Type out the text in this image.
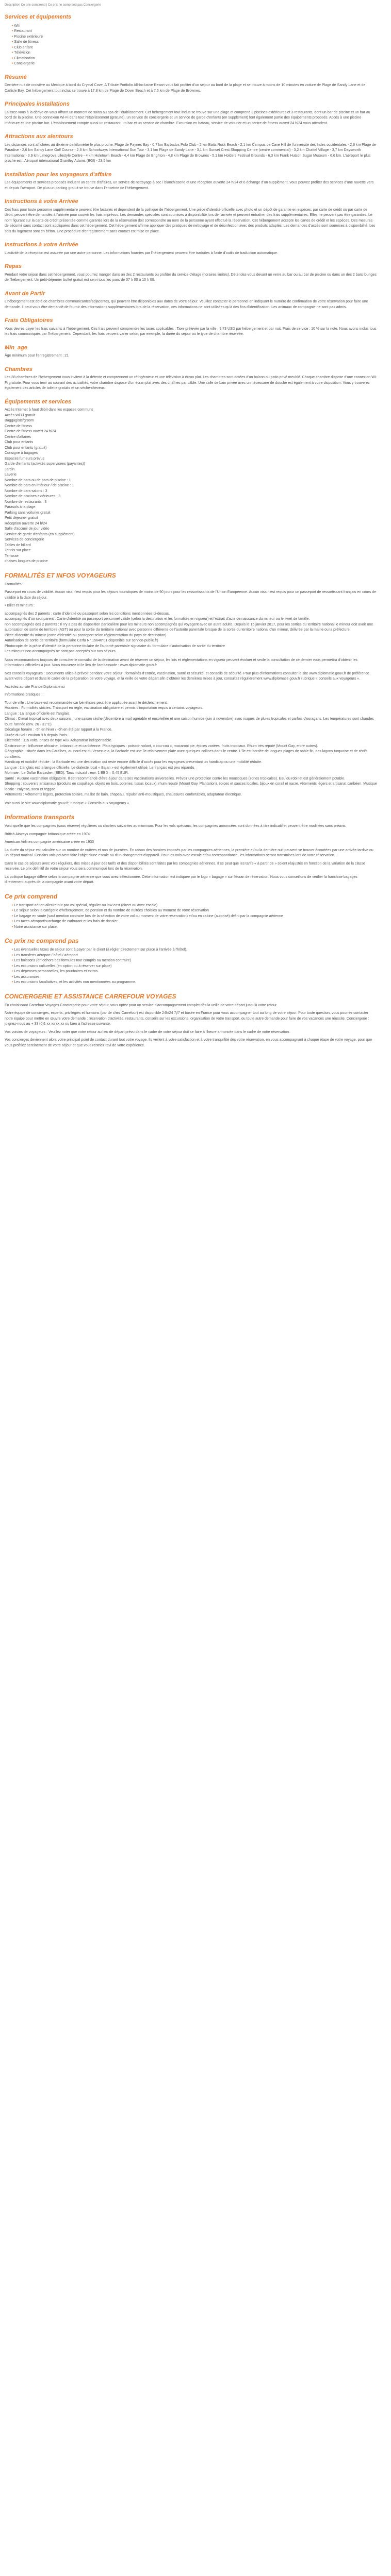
Description Ce prix comprend | Ce prix ne comprend pas Conciergerie
Services et équipements
• Wifi
• Restaurant
• Piscine extérieure
• Salle de fitness
• Club enfant
• Télévision
• Climatisation
• Conciergerie
Résumé

Dernière nuit de croisière au Mexique à bord du Crystal Cove, A Tribute Portfolio All-Inclusive Resort vous fait profiter d'un séjour au bord de la plage et se trouve à moins de 10 minutes en voiture de Plage de Sandy Lane et de Carlisle Bay. Cet hébergement tout inclus se trouve à 17,8 km de Plage de Dover Beach et à 7,6 km de Plage de Brownes.

Principales installations

Laissez-vous à la dérive en vous offrant un moment de soins au spa de l'établissement. Cet hébergement tout inclus se trouve sur une plage et comprend 3 piscines extérieures et 3 restaurants, dont un bar de piscine et un bar au bord de la piscine. Une connexion Wi-Fi dans tout l'établissement (gratuite), un service de conciergerie et un service de garde d'enfants (en supplément) font également partie des équipements proposés. Accès à une piscine intérieure et une piscine bar. L'établissement compte aussi un restaurant, un bar et un service de chambre. Excursion en bateau, service de voiturier et un centre de fitness ouvert 24 h/24 vous attendent.

Attractions aux alentours

Les distances sont affichées au dixième de kilomètre le plus proche. Plage de Paynes Bay - 0,7 km Barbados Polo Club - 2 km Batts Rock Beach - 2,1 km Campus de Cave Hill de l'université des Indes occidentales - 2,6 km Plage de Paradise - 2,6 km Sandy Lane Golf Course - 2,6 km Schoolways International Sun Tour - 3,1 km Plage de Sandy Lane - 3,1 km Sunset Crest Shopping Centre (centre commercial) - 3,2 km Chattel Village - 3,7 km Daysworth International - 3,9 km Limegrove Lifestyle Centre - 4 km Holetown Beach - 4,4 km Plage de Brighton - 4,8 km Plage de Brownes - 5,1 km Holders Festival Grounds - 6,3 km Frank Hutson Sugar Museum - 6,6 km. L'aéroport le plus proche est : Aéroport international Grantley Adams (BGI) - 23,5 km

Installation pour les voyageurs d'affaire

Les équipements et services proposés incluent un centre d'affaires, un service de nettoyage à sec / blanchisserie et une réception ouverte 24 h/24 et 6 échange d'un supplément, vous pouvez profiter des services d'une navette vers et depuis l'aéroport. De plus un parking gratuit se trouve dans l'enceinte de l'hébergement.

Instructions à votre Arrivée

Des frais pour toute personne supplémentaire peuvent être facturés et dépendent de la politique de l'hébergement. Une pièce d'identité officielle avec photo et un dépôt de garantie en espèces, par carte de crédit ou par carte de débit, peuvent être demandés à l'arrivée pour couvrir les frais imprévus. Les demandes spéciales sont soumises à disponibilité lors de l'arrivée et peuvent entraîner des frais supplémentaires. Elles ne peuvent pas être garanties. Le nom figurant sur la carte de crédit présentée comme garantie lors de la réservation doit correspondre au nom de la personne ayant effectué la réservation. Cet hébergement accepte les cartes de crédit et les espèces. Des mesures de sécurité sans contact sont appliquées dans cet hébergement. Cet hébergement affirme appliquer des pratiques de nettoyage et de désinfection avec des produits adaptés. Les demandes d'accès sont soumises à disponibilité. Les sols du logement sont en béton. Une procédure d'enregistrement sans contact est mise en place.

Instructions à votre Arrivée

L'activité de la réception est assurée par une autre personne. Les informations fournies par l'hébergement peuvent être traduites à l'aide d'outils de traduction automatique.

Repas

Pendant votre séjour dans cet hébergement, vous pourrez manger dans un des 2 restaurants ou profiter du service d'étage (horaires limités). Détendez-vous devant un verre au bar ou au bar de piscine ou dans un des 2 bars lounges de l'hébergement. Un petit-déjeuner buffet gratuit est servi tous les jours de 07 h 00 à 10 h 00.

Avant de Partir

L'hébergement est doté de chambres communicantes/adjacentes, qui peuvent être disponibles aux dates de votre séjour. Veuillez contacter le personnel en indiquant le numéro de confirmation de votre réservation pour faire une demande. Il peut vous être demandé de fournir des informations supplémentaires lors de la réservation, ces informations ne sont utilisées qu'à des fins d'identification. Les animaux de compagnie ne sont pas admis.

Frais Obligatoires

Vous devrez payer les frais suivants à l'hébergement. Ces frais peuvent comprendre les taxes applicables : Taxe prélevée par la ville : 9,73 USD par hébergement et par nuit. Frais de service : 10 % sur la note. Nous avons inclus tous les frais communiqués par l'hébergement. Cependant, les frais peuvent varier selon, par exemple, la durée du séjour ou le type de chambre réservée.

Min_age

Âge minimum pour l'enregistrement : 21

Chambres

Les 88 chambres de l'hébergement vous invitent à la détente et comprennent un réfrigérateur et une télévision à écran plat. Les chambres sont dotées d'un balcon ou patio privé meublé. Chaque chambre dispose d'une connexion Wi-Fi gratuite. Pour vous tenir au courant des actualités, votre chambre dispose d'un écran plat avec des chaînes par câble. Une salle de bain privée avec un nécessaire de douche est également à votre disposition. Vous y trouverez également des articles de toilette gratuits et un sèche-cheveux.

Équipements et services
Accès Internet à haut débit dans les espaces communs
Accès Wi-Fi gratuit
Baggagiste/groom
Centre de fitness
Centre de fitness ouvert 24 h/24
Centre d'affaires
Club pour enfants
Club pour enfants (gratuit)
Consigne à bagages
Espaces fumeurs prévus
Garde d'enfants (activités supervisées (payantes))
Jardin
Laverie
Nombre de bars ou de bars de piscine : 1
Nombre de bars en intérieur / de piscine : 1
Nombre de bars-salons : 3
Nombre de piscines extérieures : 3
Nombre de restaurants : 3
Parasols à la plage
Parking sans voiturier gratuit
Petit déjeuner gratuit
Réception ouverte 24 h/24
Salle d'accueil de jour vidéo
Service de garde d'enfants (en supplément)
Services de conciergerie
Tables de billard
Tennis sur place
Terrasse
chaises longues de piscine
FORMALITÉS ET INFOS VOYAGEURS

Formalités :

Passeport en cours de validité. Aucun visa n'est requis pour les séjours touristiques de moins de 90 jours pour les ressortissants de l'Union Européenne. Aucun visa n'est requis pour un passeport de ressortissant français en cours de validité à la date du séjour.

• Billet et mineurs :

accompagnés des 2 parents : carte d'identité ou passeport selon les conditions mentionnées ci-dessus.
accompagnés d'un seul parent : Carte d'identité ou passeport personnel valide (selon la destination et les formalités en vigueur) et l'extrait d'acte de naissance du mineur ou le livret de famille.
non accompagnés des 2 parents : Il n'y a pas de disposition particulière pour les mineurs non accompagnés qui voyagent avec un autre adulte. Depuis le 15 janvier 2017, pour les sorties du territoire national le mineur doit avoir une autorisation de sortie de territoire (AST) ou pour la sortie du territoire national avec personne différente de l'autorité parentale lorsque de la sortie du territoire national d'un mineur, délivrée par la mairie ou la préfecture.
Pièce d'identité du mineur (carte d'identité ou passeport selon réglementation du pays de destination)
Autorisation de sortie de territoire (formulaire Cerfa N° 15646*01 disponible sur service-public.fr)
Photocopie de la pièce d'identité de la personne titulaire de l'autorité parentale signataire du formulaire d'autorisation de sortie du territoire
Les mineurs non accompagnés ne sont pas acceptés sur nos séjours.

Nous recommandons toujours de consulter le consulat de la destination avant de réserver un séjour, les lois et réglementations en vigueur peuvent évoluer et seule la consultation de ce dernier vous permettra d'obtenir les informations officielles à jour. Vous trouverez ici le lien de l'ambassade : www.diplomatie.gouv.fr

Nos conseils voyageurs : Documents utiles à prévoir pendant votre séjour : formalités d'entrée, vaccination, santé et sécurité, et conseils de sécurité. Pour plus d'informations consulter le site www.diplomatie.gouv.fr de préférence avant votre départ et dans le cadre de la préparation de votre voyage, et la veille de votre départ afin d'obtenir les dernières mises à jour, consultez régulièrement www.diplomatie.gouv.fr rubrique « conseils aux voyageurs ».

Accédez au site France Diplomatie ici

Informations pratiques :

Tour de ville : Une base est recommandée car bénéficiez peut être appliquée avant le déclenchement.
Horaires : Formalités strictes. Transport en règle, vaccination obligatoire et permis d'importation requis à certains voyageurs.
Langue : La langue officielle est l'anglais.
Climat : Climat tropical avec deux saisons : une saison sèche (décembre à mai) agréable et ensoleillée et une saison humide (juin à novembre) avec risques de pluies tropicales et parfois d'ouragans. Les températures sont chaudes toute l'année (env. 26 - 31°C).
Décalage horaire : -5h en hiver / -6h en été par rapport à la France.
Durée du vol : environ 9 h depuis Paris.
Électricité : 115 volts, prises de type A/B. Adaptateur indispensable.
Gastronomie : Influence africaine, britannique et caribéenne. Plats typiques : poisson volant, « cou-cou », macaroni pie, épices variées, fruits tropicaux. Rhum très réputé (Mount Gay, entre autres).
Géographie : située dans les Caraïbes, au nord-est du Venezuela, la Barbade est une île relativement plate avec quelques collines dans le centre. L'île est bordée de longues plages de sable fin, des lagons turquoise et de récifs coralliens.
Handicap et mobilité réduite : la Barbade est une destination qui reste encore difficile d'accès pour les voyageurs présentant un handicap ou une mobilité réduite.
Langue : L'anglais est la langue officielle. Le dialecte local « Bajan » est également utilisé. Le français est peu répandu.
Monnaie : Le Dollar Barbadien (BBD). Taux indicatif : env. 1 BBD = 0,45 EUR.
Santé : Aucune vaccination obligatoire. Il est recommandé d'être à jour dans ses vaccinations universelles. Prévoir une protection contre les moustiques (zones tropicales). Eau du robinet est généralement potable.
Shopping : souvenirs artisanaux (produits en coquillage, objets en bois, poteries, tissus locaux), rhum réputé (Mount Gay, Plantation), épices et sauces locales, bijoux en corail et nacre, vêtements légers et artisanat caribéen. Musique locale : calypso, soca et reggae.
Vêtements : Vêtements légers, protection solaire, maillot de bain, chapeau, répulsif anti-moustiques, chaussures confortables, adaptateur électrique.

Voir aussi le site www.diplomatie.gouv.fr, rubrique « Conseils aux voyageurs ».

Informations transports

Voici quelle que les compagnies (sous réserve) régulières ou charters suivantes au minimum. Pour les vols spéciaux, les compagnies annoncées sont données à titre indicatif et peuvent être modifiées sans préavis.

British Airways compagnie britannique créée en 1974

American Airlines compagnie américaine créée en 1930

La durée du séjour est calculée sur un nombre de nuitées et non de journées. En raison des horaires imposés par les compagnies aériennes, la première et/ou la dernière nuit peuvent se trouver écourtées par une arrivée tardive ou un départ matinal. Certains vols peuvent faire l'objet d'une escale ou d'un changement d'appareil. Pour les vols avec escale et/ou correspondance, les informations seront transmises lors de votre réservation.

Dans le cas de séjours avec vols réguliers, des mises à jour des tarifs et des disponibilités sont faites par les compagnies aériennes. Il se peut que les tarifs « à partir de » soient réajustés en fonction de la variation de la classe réservée. Le prix définitif de votre séjour vous sera communiqué lors de la réservation.

La politique bagage diffère selon la compagnie aérienne que vous avez sélectionnée. Cette information est indiquée par le logo « bagage » sur l'écran de réservation. Nous vous conseillons de vérifier la franchise bagages directement auprès de la compagnie avant votre départ.

Ce prix comprend
• Le transport aérien aller/retour par vol spécial, régulier ou low-cost (direct ou avec escale)
• Le séjour selon la catégorie d'hébergement, de pension et du nombre de nuitées choisies au moment de votre réservation
• Le bagage en soute (sauf mention contraire lors de la sélection de votre vol ou moment de votre réservation) et/ou en cabine (autorisé) défini par la compagnie aérienne
• Les taxes aéroport/surcharge de carburant et les frais de dossier
• Notre assistance sur place.
Ce prix ne comprend pas
• Les éventuelles taxes de séjour sont à payer par le client (à régler directement sur place à l'arrivée à l'hôtel).
• Les transferts aéroport / hôtel / aéroport
• Les boissons (en dehors des formules tout compris ou mention contraire)
• Les excursions culturelles (en option ou à réserver sur place)
• Les dépenses personnelles, les pourboires et extras.
• Les assurances.
• Les excursions facultatives, et les activités non mentionnées au programme.
CONCIERGERIE ET ASSISTANCE CARREFOUR VOYAGES

En choisissant Carrefour Voyages Conciergerie pour votre séjour, vous optez pour un service d'accompagnement complet dès la veille de votre départ jusqu'à votre retour.

Notre équipe de concierges, experts, privilégiés et humains (par de chez Carrefour) est disponible 24h/24 7j/7 et basée en France pour vous accompagner tout au long de votre séjour. Pour toute question, vous pourrez contacter notre équipe pour mettre en œuvre votre demande : réservation d'activités, restaurants, conseils sur les excursions, organisation de votre transport, ou toute autre demande pour faire de vos vacances une réussite. Conciergerie : joignez-nous au + 33 (0)1 xx xx xx xx ou bien à l'adresse suivante.

Vos voisins de voyageurs : Veuillez noter que votre retour au lieu de départ prévu dans le cadre de votre séjour doit se faire à l'heure annoncée dans le cadre de votre réservation.

Vos concierges deviennent alors votre principal point de contact durant tout votre voyage. Ils veillent à votre satisfaction et à votre tranquillité dès votre réservation, en vous accompagnant à chaque étape de votre voyage, pour que vous profitiez sereinement de votre séjour et que vous rentriez ravi de votre expérience.
